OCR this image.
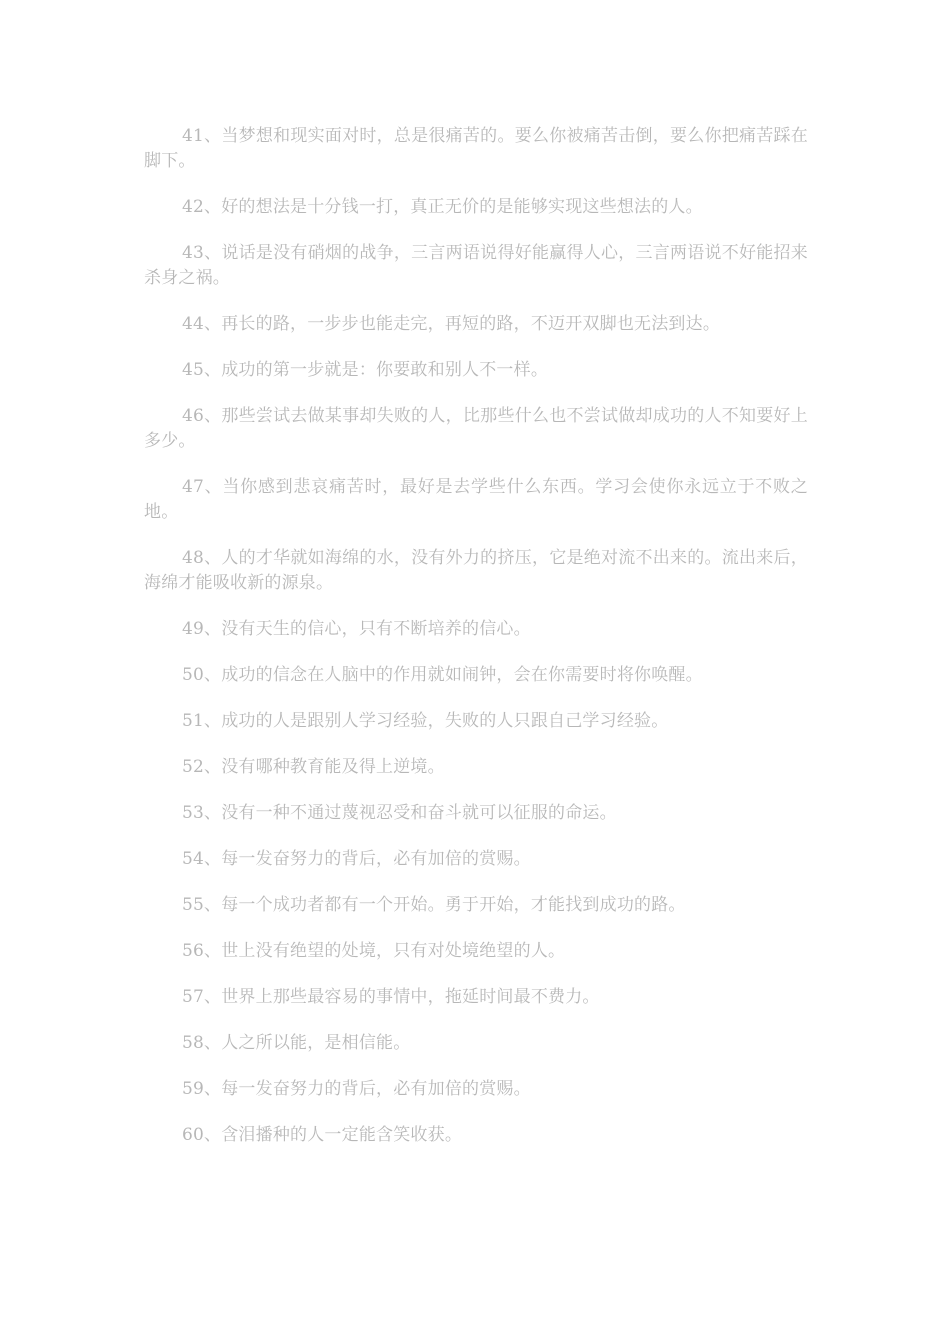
41、当梦想和现实面对时，总是很痛苦的。要么你被痛苦击倒，要么你把痛苦踩在脚下。

42、好的想法是十分钱一打，真正无价的是能够实现这些想法的人。

43、说话是没有硝烟的战争，三言两语说得好能赢得人心，三言两语说不好能招来杀身之祸。

44、再长的路，一步步也能走完，再短的路，不迈开双脚也无法到达。

45、成功的第一步就是：你要敢和别人不一样。

46、那些尝试去做某事却失败的人，比那些什么也不尝试做却成功的人不知要好上多少。

47、当你感到悲哀痛苦时，最好是去学些什么东西。学习会使你永远立于不败之地。

48、人的才华就如海绵的水，没有外力的挤压，它是绝对流不出来的。流出来后，海绵才能吸收新的源泉。

49、没有天生的信心，只有不断培养的信心。

50、成功的信念在人脑中的作用就如闹钟，会在你需要时将你唤醒。

51、成功的人是跟别人学习经验，失败的人只跟自己学习经验。

52、没有哪种教育能及得上逆境。

53、没有一种不通过蔑视忍受和奋斗就可以征服的命运。

54、每一发奋努力的背后，必有加倍的赏赐。

55、每一个成功者都有一个开始。勇于开始，才能找到成功的路。

56、世上没有绝望的处境，只有对处境绝望的人。

57、世界上那些最容易的事情中，拖延时间最不费力。

58、人之所以能，是相信能。

59、每一发奋努力的背后，必有加倍的赏赐。

60、含泪播种的人一定能含笑收获。
